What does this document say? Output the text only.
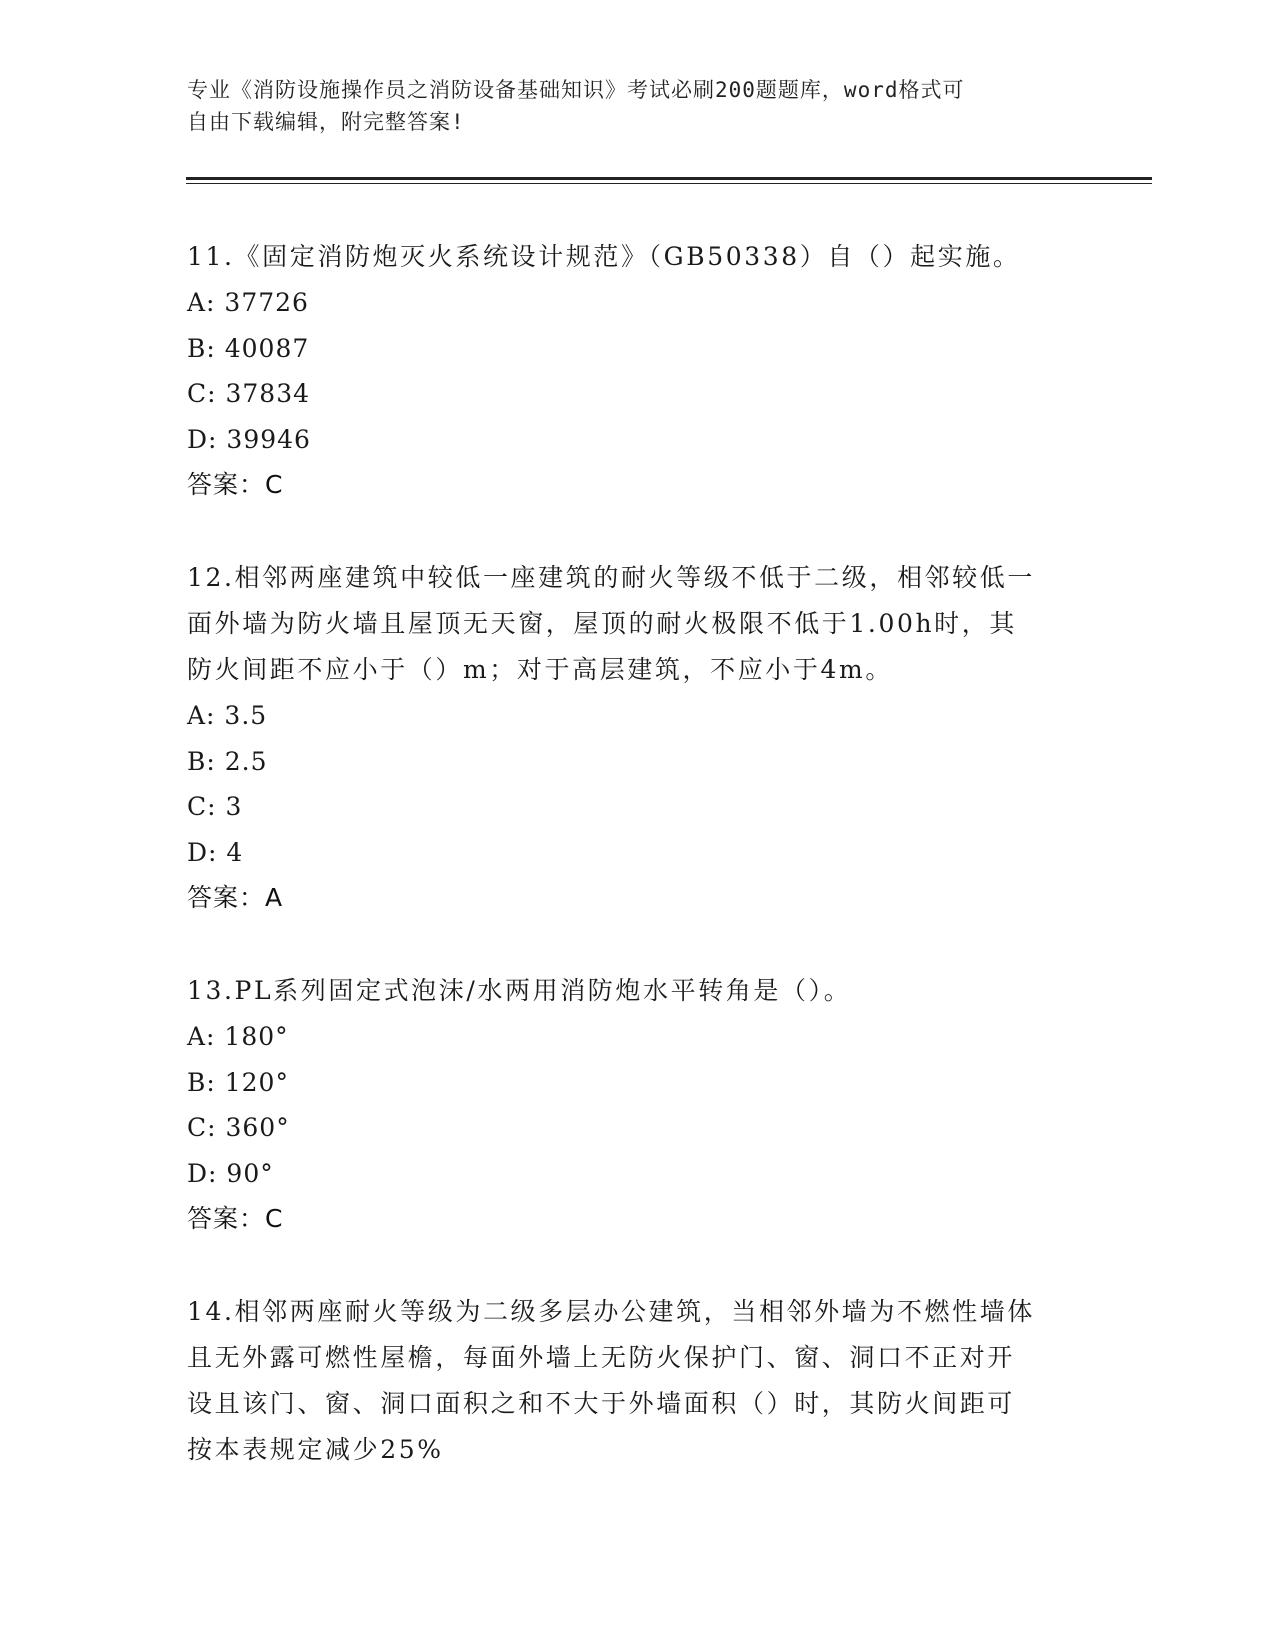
专业《消防设施操作员之消防设备基础知识》考试必刷200题题库，word格式可
自由下载编辑，附完整答案!
11.《固定消防炮灭火系统设计规范》（GB50338）自（）起实施。
A: 37726
B: 40087
C: 37834
D: 39946
答案：C
12.相邻两座建筑中较低一座建筑的耐火等级不低于二级，相邻较低一
面外墙为防火墙且屋顶无天窗，屋顶的耐火极限不低于1.00h时，其
防火间距不应小于（）m；对于高层建筑，不应小于4m。
A: 3.5
B: 2.5
C: 3
D: 4
答案：A
13.PL系列固定式泡沫/水两用消防炮水平转角是（）。
A: 180°
B: 120°
C: 360°
D: 90°
答案：C
14.相邻两座耐火等级为二级多层办公建筑，当相邻外墙为不燃性墙体
且无外露可燃性屋檐，每面外墙上无防火保护门、窗、洞口不正对开
设且该门、窗、洞口面积之和不大于外墙面积（）时，其防火间距可
按本表规定减少25%
